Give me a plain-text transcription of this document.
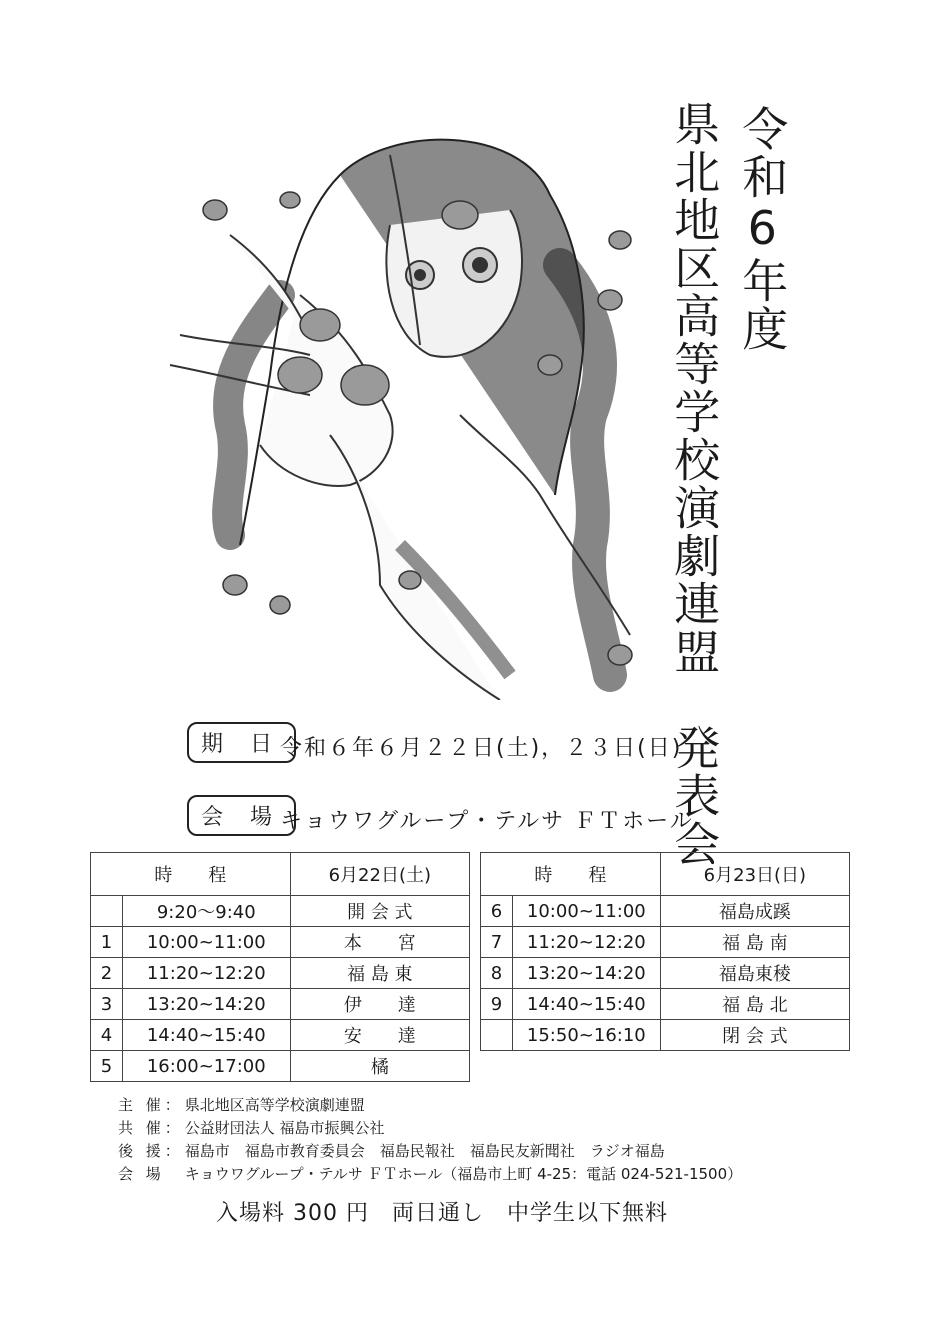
令和6年度
県北地区高等学校演劇連盟　発表会
期 日
令和６年６月２２日(土)，２３日(日)
会 場
キョウワグループ・テルサ ＦＴホール
時　　程		6月22日(土)
	9:20～9:40	開 会 式
1	10:00~11:00	本　　宮
2	11:20~12:20	福 島 東
3	13:20~14:20	伊　　達
4	14:40~15:40	安　　達
5	16:00~17:00	橘
時　　程		6月23日(日)
6	10:00~11:00	福島成蹊
7	11:20~12:20	福 島 南
8	13:20~14:20	福島東稜
9	14:40~15:40	福 島 北
	15:50~16:10	閉 会 式
主 催： 県北地区高等学校演劇連盟
共 催： 公益財団法人 福島市振興公社
後 援： 福島市　福島市教育委員会　福島民報社　福島民友新聞社　ラジオ福島
会 場 キョウワグループ・テルサ ＦＴホール（福島市上町 4-25：電話 024-521-1500）
入場料 300 円　両日通し　中学生以下無料
